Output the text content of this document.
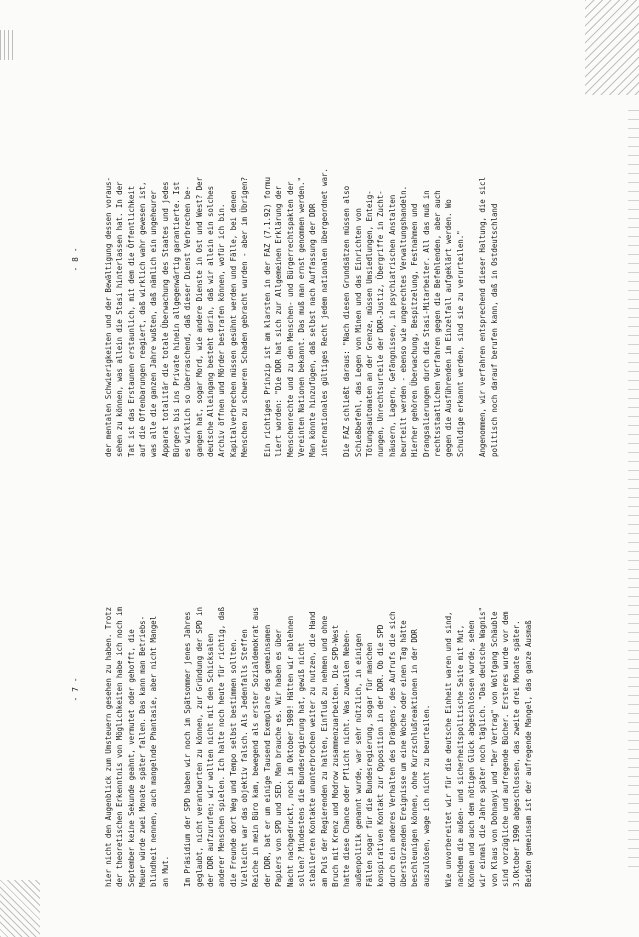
- 7 -
- 8 -
hier nicht den Augenblick zum Umsteuern gesehen zu haben. Trotz der theoretischen Erkenntnis von Möglichkeiten habe ich noch im September keine Sekunde geahnt, vermutet oder gehofft, die Mauer würde zwei Monate später fallen. Das kann man Betriebs- blindheit nennen, auch mangelnde Phantasie, aber nicht Mangel an Mut. Im Präsidium der SPD haben wir noch im Spätsommer jenes Jahres geglaubt, nicht verantworten zu können, zur Gründung der SPD in der DDR aufzurufen; wir wollten nicht mit den Schicksalen anderer Menschen spielen. Ich halte noch heute für richtig, daß die Freunde dort Weg und Tempo selbst bestimmen sollten. Vielleicht war das objektiv falsch. Als Jedenfalls Steffen Reiche in mein Büro kam, bewegend als erster Sozialdemokrat aus der DDR, bat er um einige Tausend Exemplare des gemeinsamen Papiers von SPD und SED. Man brauche es. Wir haben es über Nacht nachgedruckt, noch im Oktober 1989! Hätten wir ablehnen sollen? Mindestens die Bundesregierung hat, gewiß nicht stabilerten Kontakte ununterbrochen weiter zu nutzen, die Hand am Puls der Regierenden zu halten, Einfluß zu nehmen und ohne Bruch mit Krenz und Modrow zusammenzuarbeiten. Die SPD-West hatte diese Chance oder Pflicht nicht. Was zuweilen Neben- außenpolitik genannt wurde, war sehr nützlich, in einigen Fällen sogar für die Bundesregierung, sogar für manchen konspirativen Kontakt zur Opposition in der DDR. Ob die SPD durch ein anderes Verhalten des Drängens, des Aufrufs die sich überstürzenden Ereignisse um eine Woche oder einen Tag hätte beschleunigen können, ohne Kurzschlußreaktionen in der DDR auszulösen, wage ich nicht zu beurteilen. Wie unvorbereitet wir für die deutsche Einheit waren und sind, nachdem die außen- und sicherheitspolitische Seite mit Mut, Können und auch dem nötigen Glück abgeschlossen wurde, sehen wir einmal die Jahre später noch täglich. "Das deutsche Wagnis" von Klaus von Dohnanyi und "Der Vertrag" von Wolfgang Schäuble sind vorzügliche und aufregende Bücher. Ersteres wurde vor dem 3.Oktober 1990 abgeschlossen, das zweite drei Monate später. Beiden gemeinsam ist der aufregende Mangel, das ganze Ausmaß
der mentalen Schwierigkeiten und der Bewältigung dessen voraus- sehen zu können, was allein die Stasi hinterlassen hat. In der Tat ist das Erstaunen erstaunlich, mit dem die Öffentlichkeit auf die Offenbarungen reagiert, daß wirklich wahr gewesen ist, was alle die ganzen Jahre wußten, daß nämlich ein ungeheurer Apparat totalitär die totale Überwachung des Staates und jedes Bürgers bis ins Private hinein allgegenwärtig garantierte. Ist es wirklich so überraschend, daß dieser Dienst Verbrechen be- gangen hat, sogar Mord, wie andere Dienste in Ost und West? Der deutsche Alleingang besteht darin, daß wir allein ein solches Archiv öffnen und Mörder bestrafen können, wofür ich bin. Kapitalverbrechen müssen gesühnt werden und Fälle, bei denen Menschen zu schweren Schaden gebracht wurden - aber im Übrigen? Ein richtiges Prinzip ist am klarsten in der FAZ (7.1.92) formu liert worden: "Die DDR hat sich zur Allgemeinen Erklärung der Menschenrechte und zu den Menschen- und Bürgerrechtspakten der Vereinten Nationen bekannt. Das muß man ernst genommen werden." Man könnte hinzufügen, daß selbst nach Auffassung der DDR internationales gültiges Recht jedem nationalen übergeordnet war. Die FAZ schließt daraus: "Nach diesen Grundsätzen müssen also Schießbefehl, das Legen von Minen und das Einrichten von Tötungsautomaten an der Grenze, müssen Umsiedlungen, Enteig- nungen, Unrechtsurteile der DDR-Justiz, Übergriffe in Zucht- häusern, Lagern, Gefängnissen, in psychiatrischen Anstalten beurteilt werden - ebenso wie ungerechtes Verwaltungshandeln. Hierher gehören Überwachung, Bespitzelung, Festnahmen und Drangsalierungen durch die Stasi-Mitarbeiter. All das muß in rechtsstaatlichen Verfahren gegen die Befehlenden, aber auch gegen die Ausführenden im Einzelfall aufgeklärt werden. Wo Schuldige erkannt werden, sind sie zu verurteilen." Angenommen, wir verfahren entsprechend dieser Haltung, die sicl politisch noch darauf berufen kann, daß in Ostdeutschland
